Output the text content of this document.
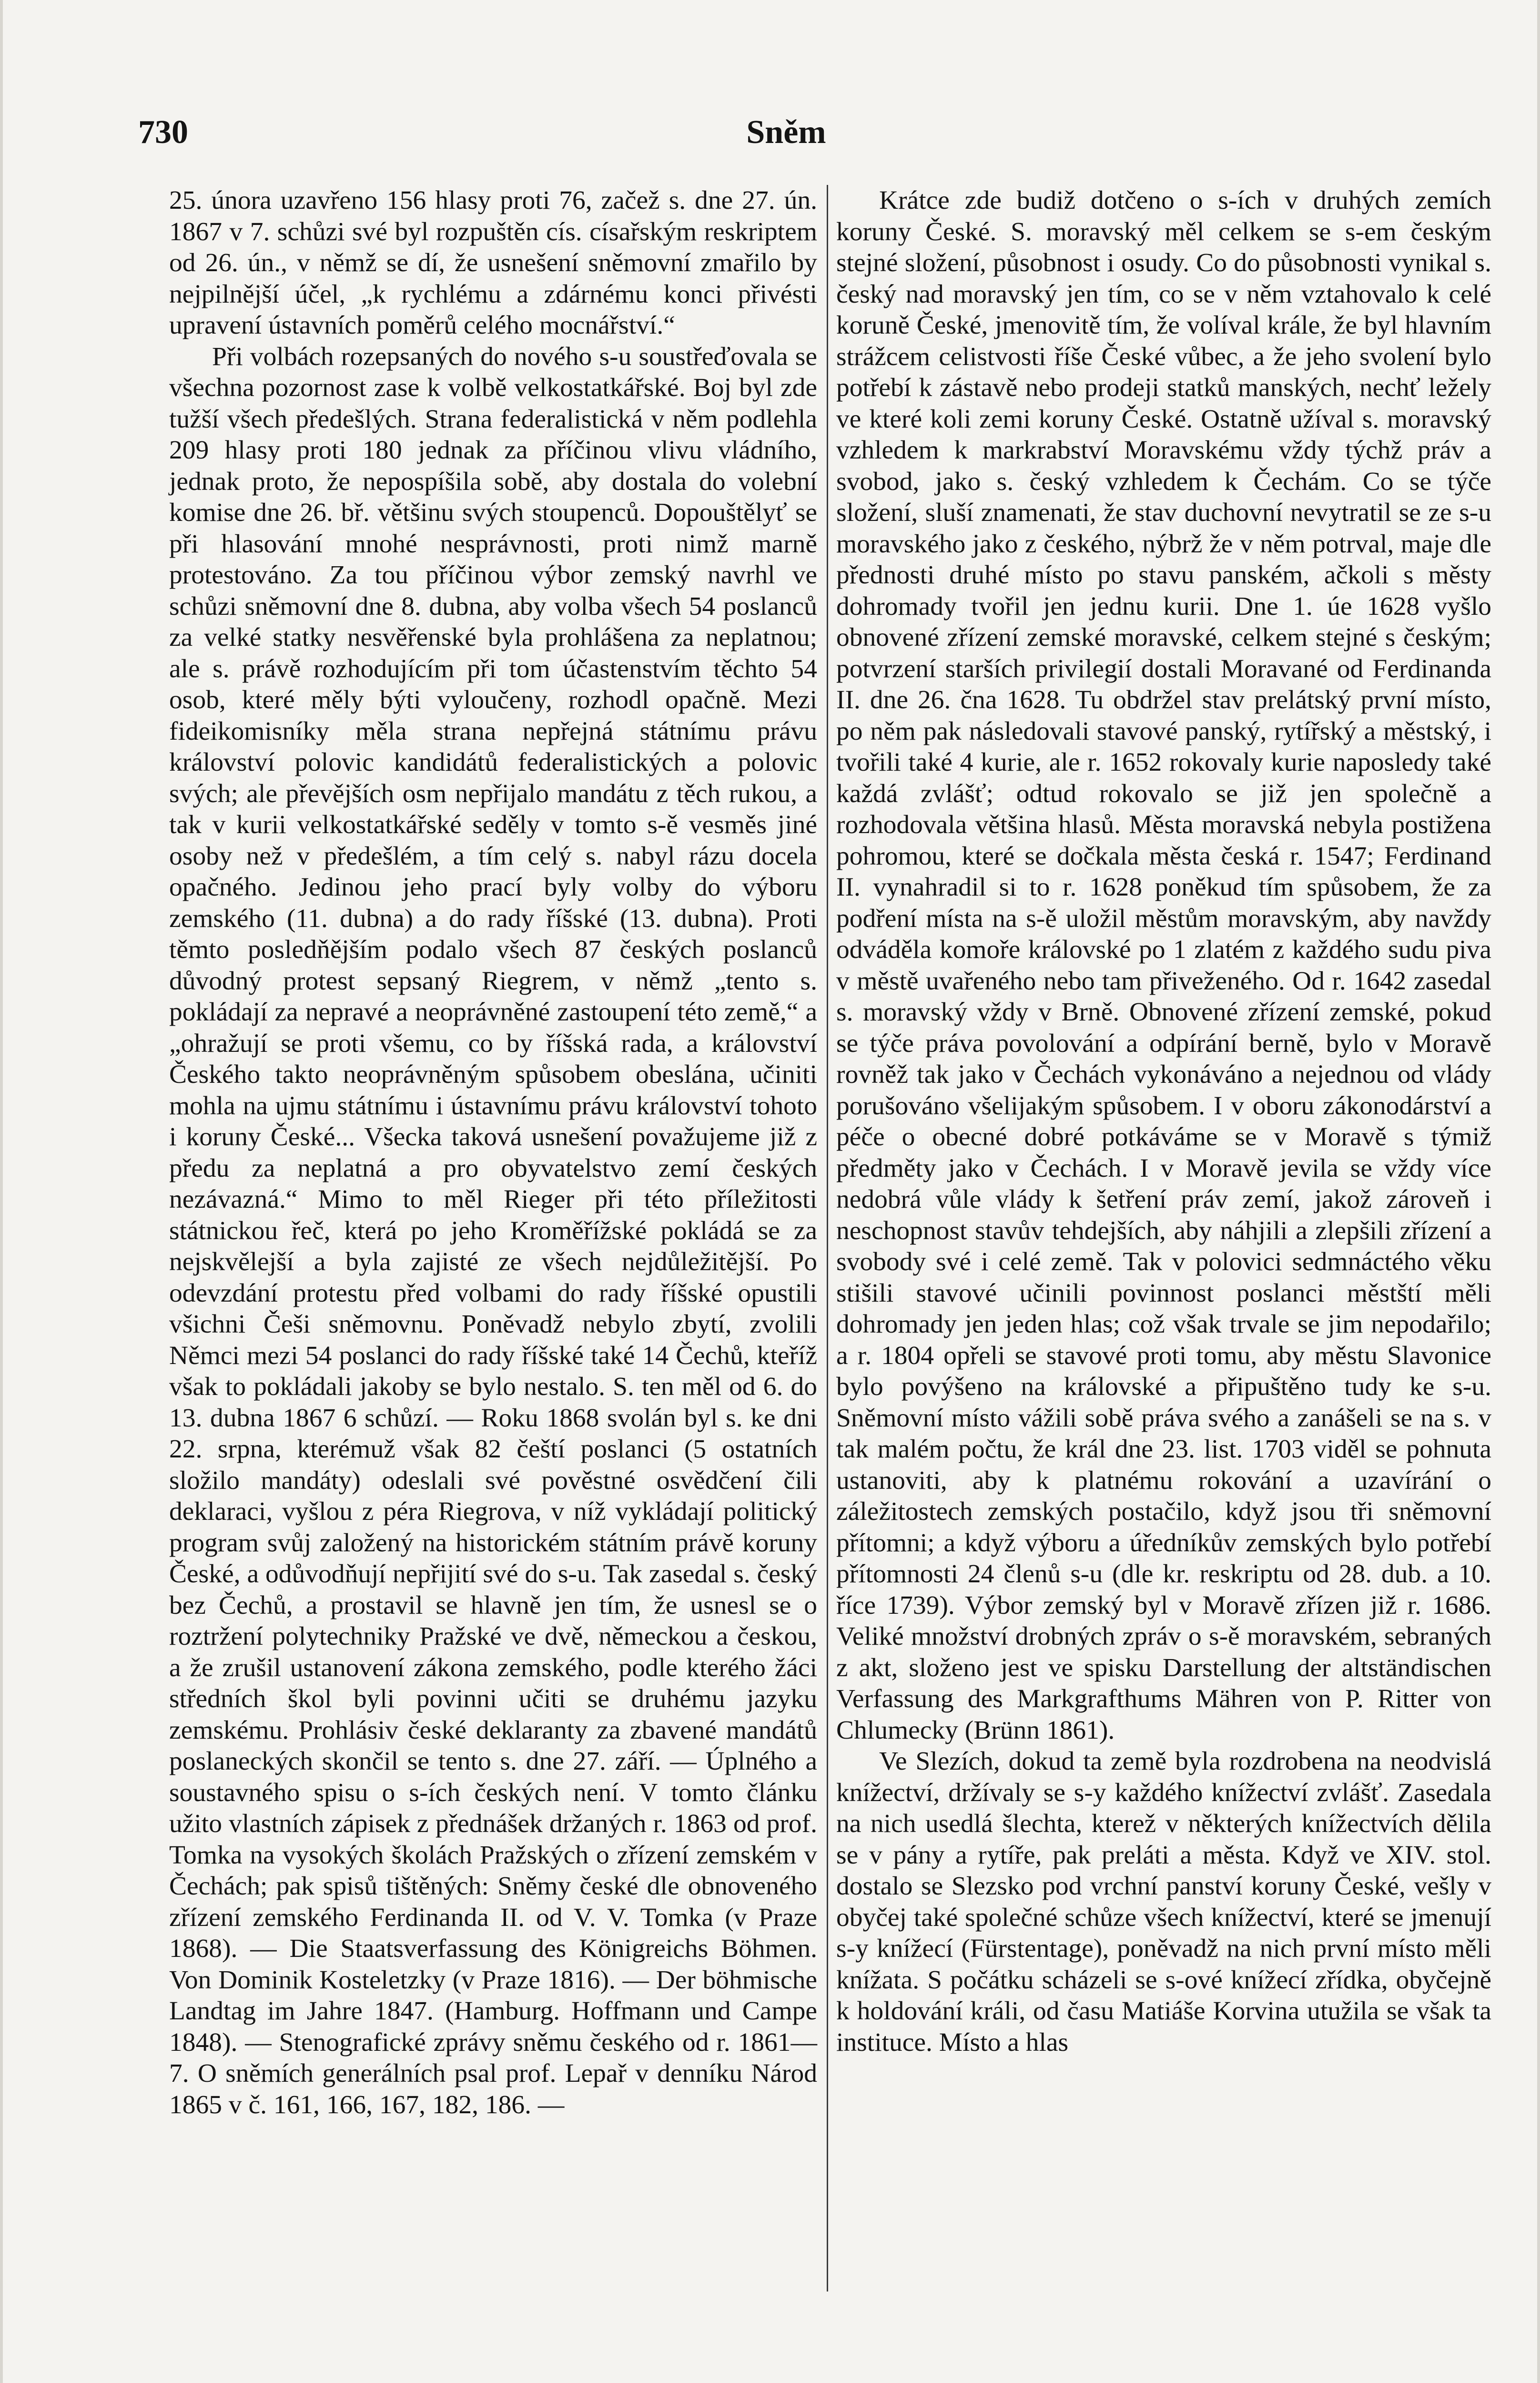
730	Sněm

25. února uzavřeno 156 hlasy proti 76, začež s. dne 27. ún. 1867 v 7. schůzi své byl rozpuštěn cís. císařským reskriptem od 26. ún., v němž se dí, že usnešení sněmovní zmařilo by nejpilnější účel, „k rychlému a zdárnému konci přivésti upravení ústavních poměrů celého mocnářství.“

Při volbách rozepsaných do nového s-u soustřeďovala se všechna pozornost zase k volbě velkostatkářské. Boj byl zde tužší všech předešlých. Strana federalistická v něm podlehla 209 hlasy proti 180 jednak za příčinou vlivu vládního, jednak proto, že nepospíšila sobě, aby dostala do volební komise dne 26. bř. většinu svých stoupenců. Dopouštělyť se při hlasování mnohé nesprávnosti, proti nimž marně protestováno. Za tou příčinou výbor zemský navrhl ve schůzi sněmovní dne 8. dubna, aby volba všech 54 poslanců za velké statky nesvěřenské byla prohlášena za neplatnou; ale s. právě rozhodujícím při tom účastenstvím těchto 54 osob, které měly býti vyloučeny, rozhodl opačně. Mezi fideikomisníky měla strana nepřejná státnímu právu království polovic kandidátů federalistických a polovic svých; ale převějších osm nepřijalo mandátu z těch rukou, a tak v kurii velkostatkářské seděly v tomto s-ě vesměs jiné osoby než v předešlém, a tím celý s. nabyl rázu docela opačného. Jedinou jeho prací byly volby do výboru zemského (11. dubna) a do rady říšské (13. dubna). Proti těmto posledňějším podalo všech 87 českých poslanců důvodný protest sepsaný Riegrem, v němž „tento s. pokládají za nepravé a neoprávněné zastoupení této země,“ a „ohražují se proti všemu, co by říšská rada, a království Českého takto neoprávněným spůsobem obeslána, učiniti mohla na ujmu státnímu i ústavnímu právu království tohoto i koruny České... Všecka taková usnešení považujeme již z předu za neplatná a pro obyvatelstvo zemí českých nezávazná.“ Mimo to měl Rieger při této příležitosti státnickou řeč, která po jeho Kroměřížské pokládá se za nejskvělejší a byla zajisté ze všech nejdůležitější. Po odevzdání protestu před volbami do rady říšské opustili všichni Češi sněmovnu. Poněvadž nebylo zbytí, zvolili Němci mezi 54 poslanci do rady říšské také 14 Čechů, kteříž však to pokládali jakoby se bylo nestalo. S. ten měl od 6. do 13. dubna 1867 6 schůzí. — Roku 1868 svolán byl s. ke dni 22. srpna, kterémuž však 82 čeští poslanci (5 ostatních složilo mandáty) odeslali své pověstné osvědčení čili deklaraci, vyšlou z péra Riegrova, v níž vykládají politický program svůj založený na historickém státním právě koruny České, a odůvodňují nepřijití své do s-u. Tak zasedal s. český bez Čechů, a prostavil se hlavně jen tím, že usnesl se o roztržení polytechniky Pražské ve dvě, německou a českou, a že zrušil ustanovení zákona zemského, podle kterého žáci středních škol byli povinni učiti se druhému jazyku zemskému. Prohlásiv české deklaranty za zbavené mandátů poslaneckých skončil se tento s. dne 27. září. — Úplného a soustavného spisu o s-ích českých není. V tomto článku užito vlastních zápisek z přednášek držaných r. 1863 od prof. Tomka na vysokých školách Pražských o zřízení zemském v Čechách; pak spisů tištěných: Sněmy české dle obnoveného zřízení zemského Ferdinanda II. od V. V. Tomka (v Praze 1868). — Die Staatsverfassung des Königreichs Böhmen. Von Dominik Kosteletzky (v Praze 1816). — Der böhmische Landtag im Jahre 1847. (Hamburg. Hoffmann und Campe 1848). — Stenografické zprávy sněmu českého od r. 1861—7. O sněmích generálních psal prof. Lepař v denníku Národ 1865 v č. 161, 166, 167, 182, 186. —

Krátce zde budiž dotčeno o s-ích v druhých zemích koruny České. S. moravský měl celkem se s-em českým stejné složení, působnost i osudy. Co do působnosti vynikal s. český nad moravský jen tím, co se v něm vztahovalo k celé koruně České, jmenovitě tím, že volíval krále, že byl hlavním strážcem celistvosti říše České vůbec, a že jeho svolení bylo potřebí k zástavě nebo prodeji statků manských, nechť ležely ve které koli zemi koruny České. Ostatně užíval s. moravský vzhledem k markrabství Moravskému vždy týchž práv a svobod, jako s. český vzhledem k Čechám. Co se týče složení, sluší znamenati, že stav duchovní nevytratil se ze s-u moravského jako z českého, nýbrž že v něm potrval, maje dle přednosti druhé místo po stavu panském, ačkoli s městy dohromady tvořil jen jednu kurii. Dne 1. úe 1628 vyšlo obnovené zřízení zemské moravské, celkem stejné s českým; potvrzení starších privilegií dostali Moravané od Ferdinanda II. dne 26. čna 1628. Tu obdržel stav prelátský první místo, po něm pak následovali stavové panský, rytířský a městský, i tvořili také 4 kurie, ale r. 1652 rokovaly kurie naposledy také každá zvlášť; odtud rokovalo se již jen společně a rozhodovala většina hlasů. Města moravská nebyla postižena pohromou, které se dočkala města česká r. 1547; Ferdinand II. vynahradil si to r. 1628 poněkud tím spůsobem, že za podření místa na s-ě uložil městům moravským, aby navždy odváděla komoře královské po 1 zlatém z každého sudu piva v městě uvařeného nebo tam přiveženého. Od r. 1642 zasedal s. moravský vždy v Brně. Obnovené zřízení zemské, pokud se týče práva povolování a odpírání berně, bylo v Moravě rovněž tak jako v Čechách vykonáváno a nejednou od vlády porušováno všelijakým spůsobem. I v oboru zákonodárství a péče o obecné dobré potkáváme se v Moravě s týmiž předměty jako v Čechách. I v Moravě jevila se vždy více nedobrá vůle vlády k šetření práv zemí, jakož zároveň i neschopnost stavův tehdejších, aby náhjili a zlepšili zřízení a svobody své i celé země. Tak v polovici sedmnáctého věku stišili stavové učinili povinnost poslanci městští měli dohromady jen jeden hlas; což však trvale se jim nepodařilo; a r. 1804 opřeli se stavové proti tomu, aby městu Slavonice bylo povýšeno na královské a připuštěno tudy ke s-u. Sněmovní místo vážili sobě práva svého a zanášeli se na s. v tak malém počtu, že král dne 23. list. 1703 viděl se pohnuta ustanoviti, aby k platnému rokování a uzavírání o záležitostech zemských postačilo, když jsou tři sněmovní přítomni; a když výboru a úředníkův zemských bylo potřebí přítomnosti 24 členů s-u (dle kr. reskriptu od 28. dub. a 10. říce 1739). Výbor zemský byl v Moravě zřízen již r. 1686. Veliké množství drobných zpráv o s-ě moravském, sebraných z akt, složeno jest ve spisku Darstellung der altständischen Verfassung des Markgrafthums Mähren von P. Ritter von Chlumecky (Brünn 1861).

Ve Slezích, dokud ta země byla rozdrobena na neodvislá knížectví, držívaly se s-y každého knížectví zvlášť. Zasedala na nich usedlá šlechta, kterež v některých knížectvích dělila se v pány a rytíře, pak preláti a města. Když ve XIV. stol. dostalo se Slezsko pod vrchní panství koruny České, vešly v obyčej také společné schůze všech knížectví, které se jmenují s-y knížecí (Fürstentage), poněvadž na nich první místo měli knížata. S počátku scházeli se s-ové knížecí zřídka, obyčejně k holdování králi, od času Matiáše Korvina utužila se však ta instituce. Místo a hlas
